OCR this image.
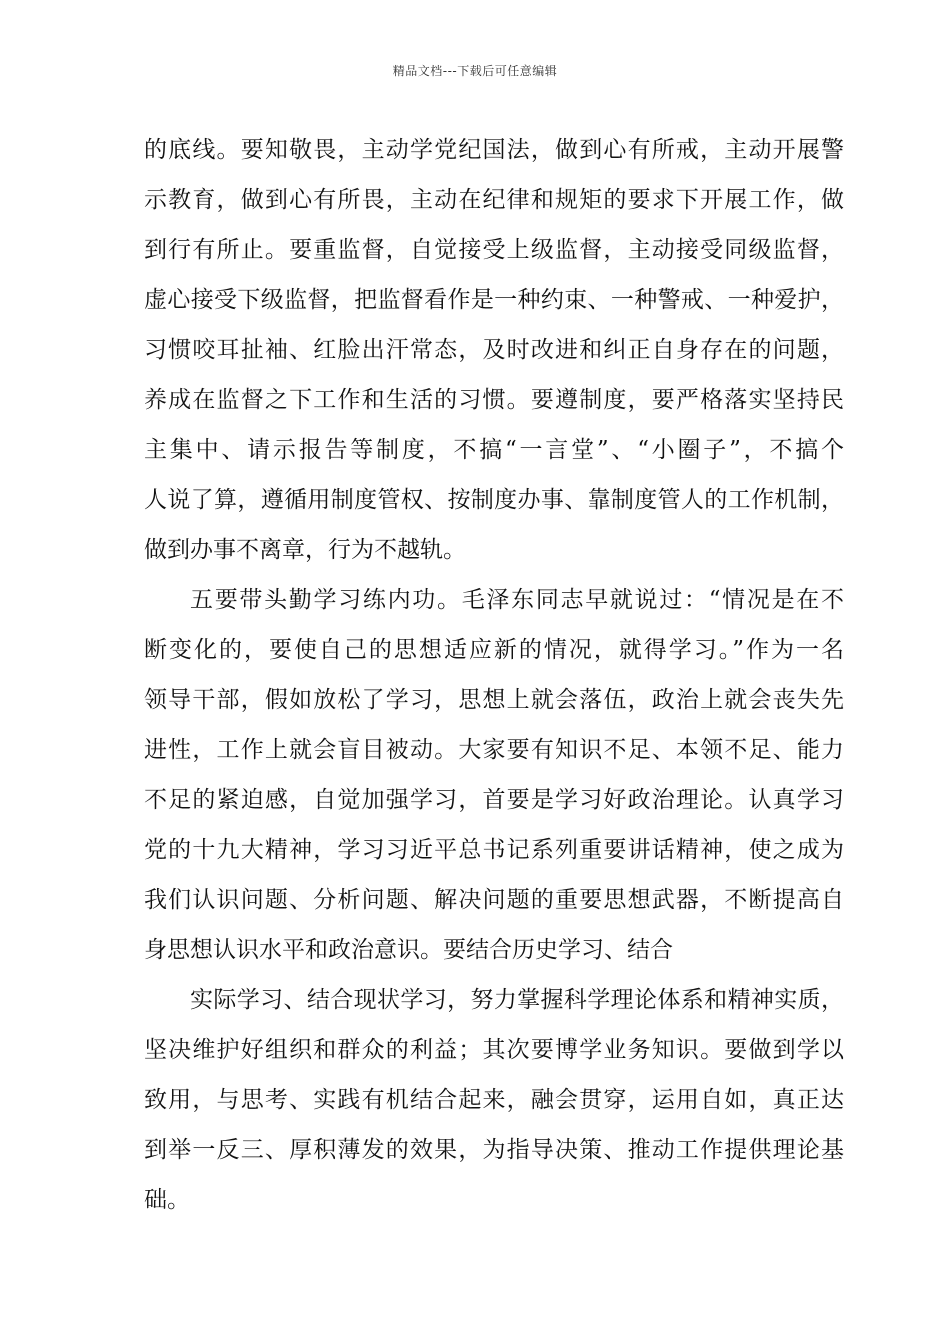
精品文档---下载后可任意编辑
的底线。要知敬畏，主动学党纪国法，做到心有所戒，主动开展警
示教育，做到心有所畏，主动在纪律和规矩的要求下开展工作，做
到行有所止。要重监督，自觉接受上级监督，主动接受同级监督，
虚心接受下级监督，把监督看作是一种约束、一种警戒、一种爱护，
习惯咬耳扯袖、红脸出汗常态，及时改进和纠正自身存在的问题，
养成在监督之下工作和生活的习惯。要遵制度，要严格落实坚持民
主集中、请示报告等制度，不搞“一言堂”、“小圈子”，不搞个
人说了算，遵循用制度管权、按制度办事、靠制度管人的工作机制，
做到办事不离章，行为不越轨。
五要带头勤学习练内功。毛泽东同志早就说过：“情况是在不
断变化的，要使自己的思想适应新的情况，就得学习。”作为一名
领导干部，假如放松了学习，思想上就会落伍，政治上就会丧失先
进性，工作上就会盲目被动。大家要有知识不足、本领不足、能力
不足的紧迫感，自觉加强学习，首要是学习好政治理论。认真学习
党的十九大精神，学习习近平总书记系列重要讲话精神，使之成为
我们认识问题、分析问题、解决问题的重要思想武器，不断提高自
身思想认识水平和政治意识。要结合历史学习、结合
实际学习、结合现状学习，努力掌握科学理论体系和精神实质，
坚决维护好组织和群众的利益；其次要博学业务知识。要做到学以
致用，与思考、实践有机结合起来，融会贯穿，运用自如，真正达
到举一反三、厚积薄发的效果，为指导决策、推动工作提供理论基
础。
